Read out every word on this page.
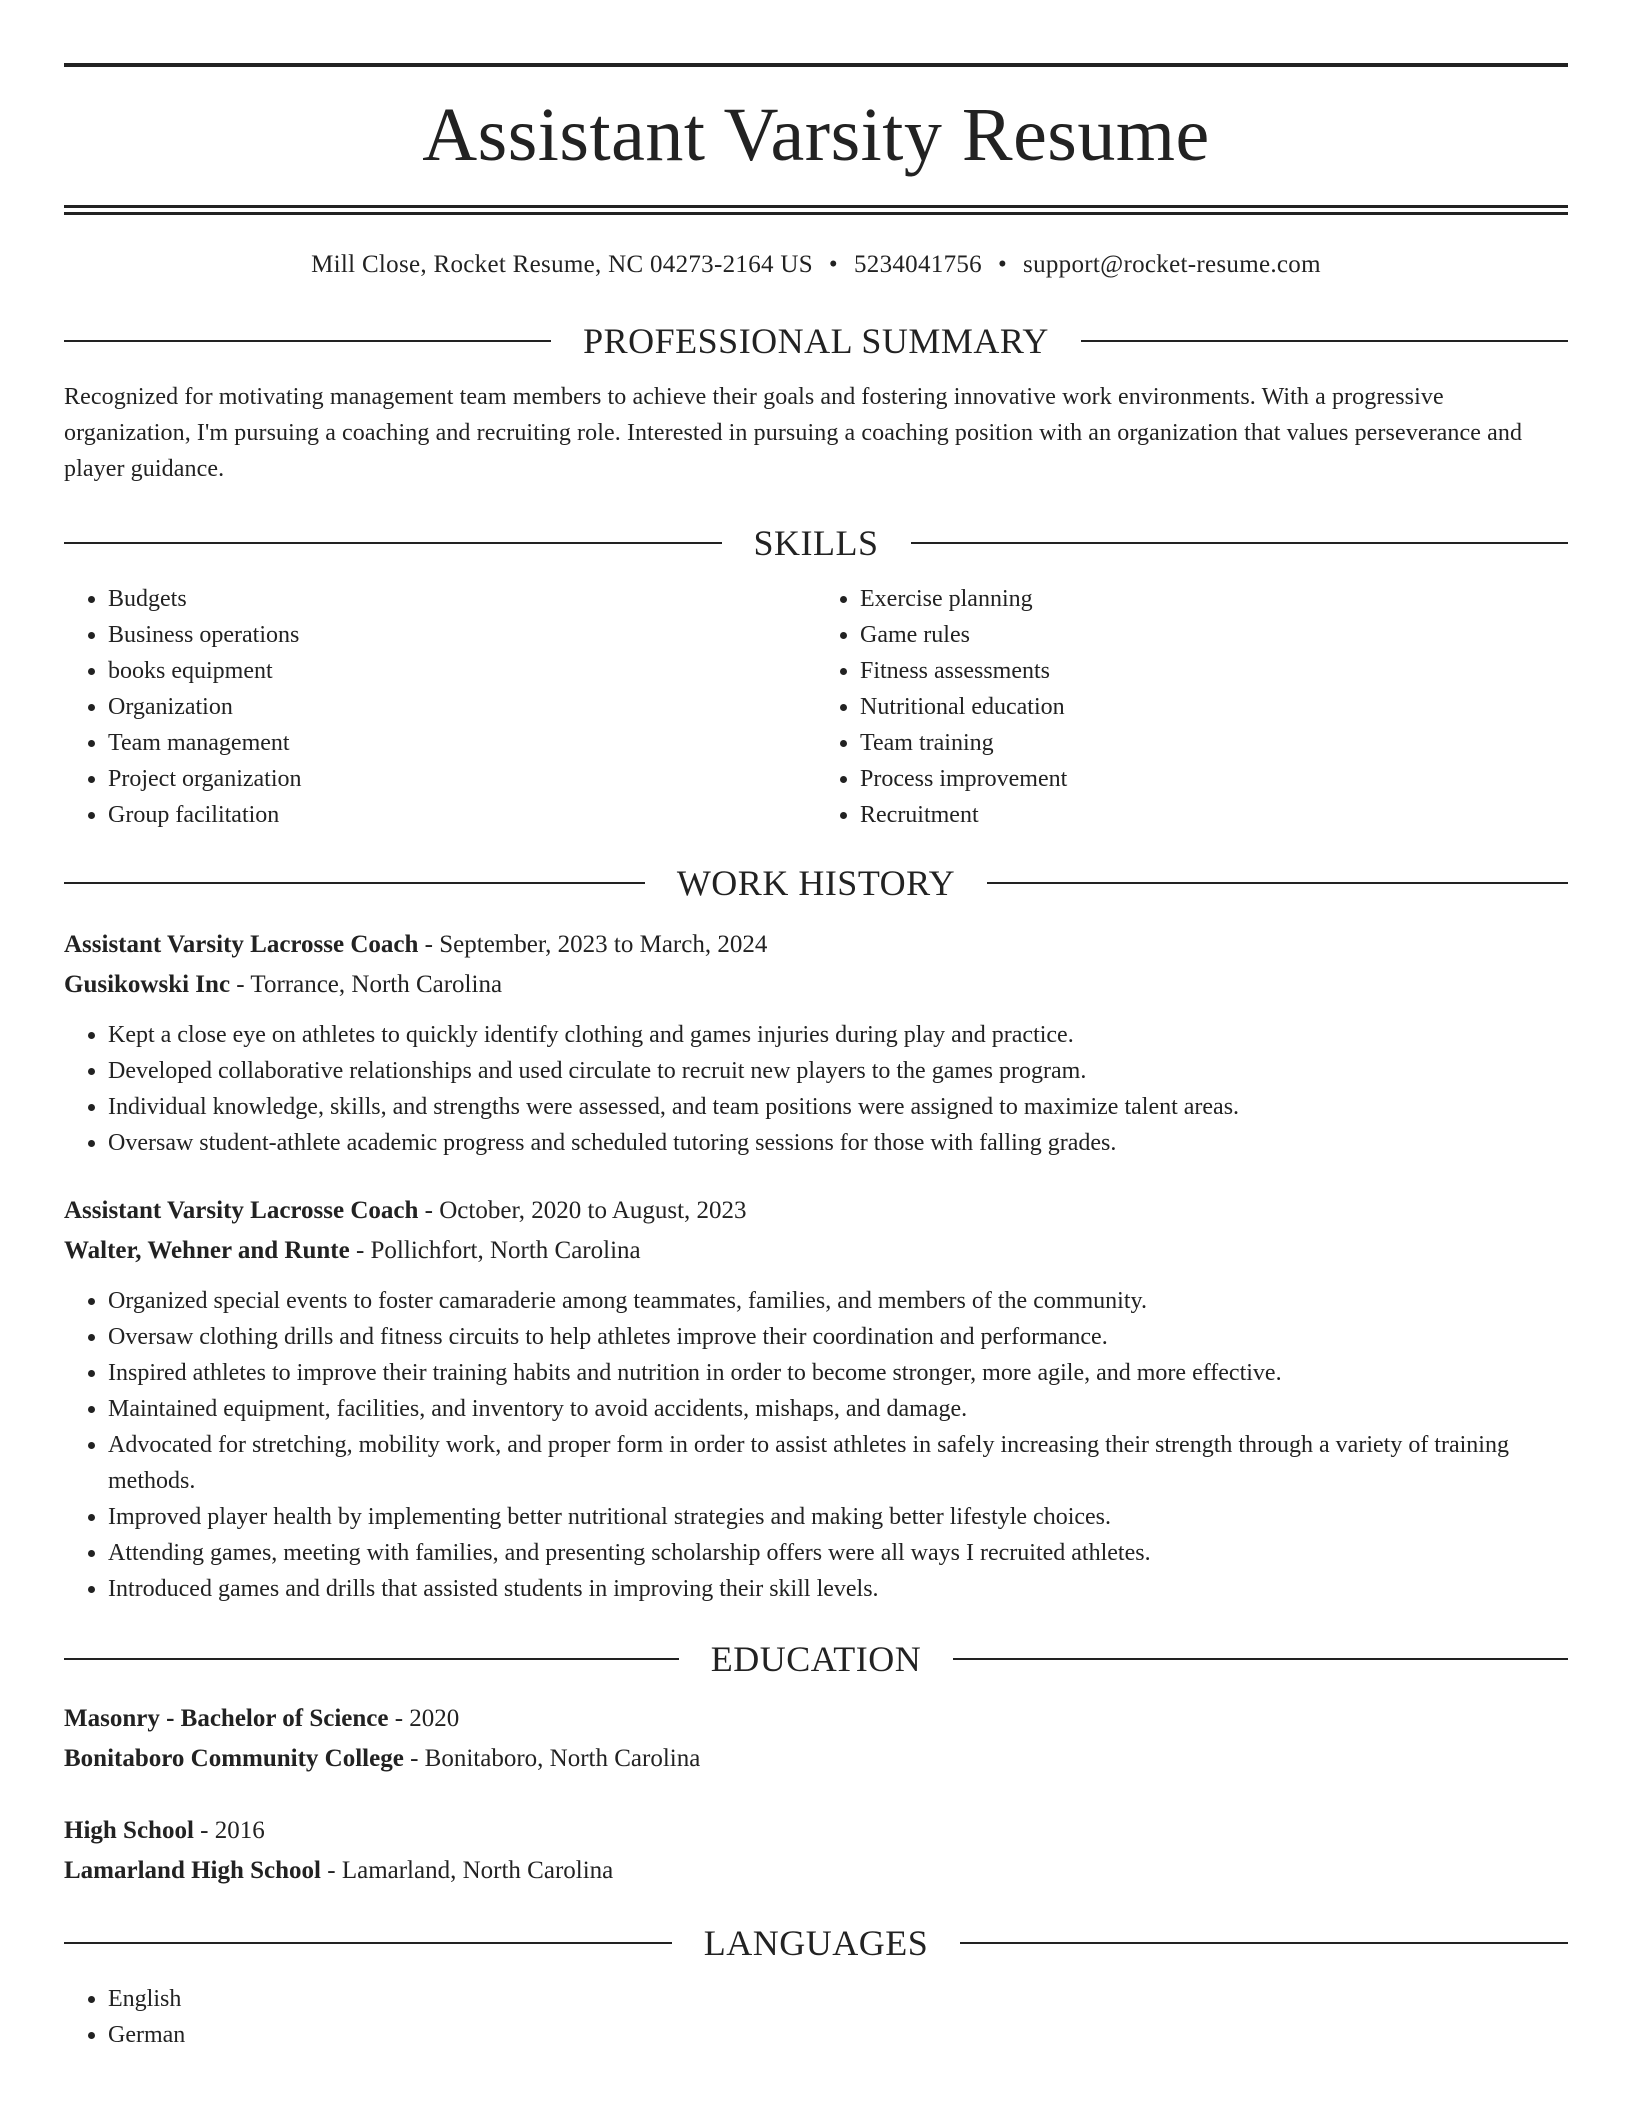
Assistant Varsity Resume
Mill Close, Rocket Resume, NC 04273-2164 US • 5234041756 • support@rocket-resume.com
PROFESSIONAL SUMMARY
Recognized for motivating management team members to achieve their goals and fostering innovative work environments. With a progressive organization, I'm pursuing a coaching and recruiting role. Interested in pursuing a coaching position with an organization that values perseverance and player guidance.
SKILLS
• Budgets
• Business operations
• books equipment
• Organization
• Team management
• Project organization
• Group facilitation
• Exercise planning
• Game rules
• Fitness assessments
• Nutritional education
• Team training
• Process improvement
• Recruitment
WORK HISTORY
Assistant Varsity Lacrosse Coach - September, 2023 to March, 2024
Gusikowski Inc - Torrance, North Carolina
• Kept a close eye on athletes to quickly identify clothing and games injuries during play and practice.
• Developed collaborative relationships and used circulate to recruit new players to the games program.
• Individual knowledge, skills, and strengths were assessed, and team positions were assigned to maximize talent areas.
• Oversaw student-athlete academic progress and scheduled tutoring sessions for those with falling grades.
Assistant Varsity Lacrosse Coach - October, 2020 to August, 2023
Walter, Wehner and Runte - Pollichfort, North Carolina
• Organized special events to foster camaraderie among teammates, families, and members of the community.
• Oversaw clothing drills and fitness circuits to help athletes improve their coordination and performance.
• Inspired athletes to improve their training habits and nutrition in order to become stronger, more agile, and more effective.
• Maintained equipment, facilities, and inventory to avoid accidents, mishaps, and damage.
• Advocated for stretching, mobility work, and proper form in order to assist athletes in safely increasing their strength through a variety of training methods.
• Improved player health by implementing better nutritional strategies and making better lifestyle choices.
• Attending games, meeting with families, and presenting scholarship offers were all ways I recruited athletes.
• Introduced games and drills that assisted students in improving their skill levels.
EDUCATION
Masonry - Bachelor of Science - 2020
Bonitaboro Community College - Bonitaboro, North Carolina
High School - 2016
Lamarland High School - Lamarland, North Carolina
LANGUAGES
• English
• German
